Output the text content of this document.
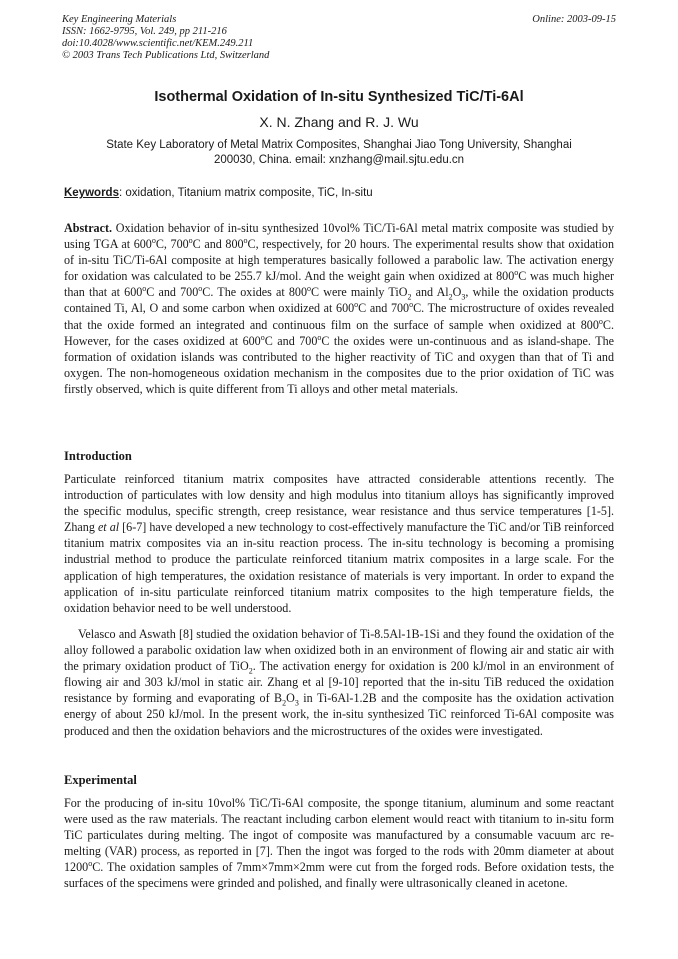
Key Engineering Materials
ISSN: 1662-9795, Vol. 249, pp 211-216
doi:10.4028/www.scientific.net/KEM.249.211
© 2003 Trans Tech Publications Ltd, Switzerland
Online: 2003-09-15
Isothermal Oxidation of In-situ Synthesized TiC/Ti-6Al
X. N. Zhang and R. J. Wu
State Key Laboratory of Metal Matrix Composites, Shanghai Jiao Tong University, Shanghai
200030, China. email: xnzhang@mail.sjtu.edu.cn
Keywords: oxidation, Titanium matrix composite, TiC, In-situ
Abstract. Oxidation behavior of in-situ synthesized 10vol% TiC/Ti-6Al metal matrix composite was studied by using TGA at 600$^o$C, 700$^o$C and 800$^o$C, respectively, for 20 hours. The experimental results show that oxidation of in-situ TiC/Ti-6Al composite at high temperatures basically followed a parabolic law. The activation energy for oxidation was calculated to be 255.7 kJ/mol. And the weight gain when oxidized at 800$^o$C was much higher than that at 600$^o$C and 700$^o$C. The oxides at 800$^o$C were mainly TiO$_2$ and $Al_2O_3$, while the oxidation products contained Ti, Al, O and some carbon when oxidized at 600$^o$C and 700$^o$C. The microstructure of oxides revealed that the oxide formed an integrated and continuous film on the surface of sample when oxidized at 800$^o$C. However, for the cases oxidized at 600$^o$C and 700$^o$C the oxides were un-continuous and as island-shape. The formation of oxidation islands was contributed to the higher reactivity of TiC and oxygen than that of Ti and oxygen. The non-homogeneous oxidation mechanism in the composites due to the prior oxidation of TiC was firstly observed, which is quite different from Ti alloys and other metal materials.
Introduction
Particulate reinforced titanium matrix composites have attracted considerable attentions recently. The introduction of particulates with low density and high modulus into titanium alloys has significantly improved the specific modulus, specific strength, creep resistance, wear resistance and thus service temperatures [1-5]. Zhang et al [6-7] have developed a new technology to cost-effectively manufacture the TiC and/or TiB reinforced titanium matrix composites via an in-situ reaction process. The in-situ technology is becoming a promising industrial method to produce the particulate reinforced titanium matrix composites in a large scale. For the application of high temperatures, the oxidation resistance of materials is very important. In order to expand the application of in-situ particulate reinforced titanium matrix composites to the high temperature fields, the oxidation behavior need to be well understood.
Velasco and Aswath [8] studied the oxidation behavior of Ti-8.5Al-1B-1Si and they found the oxidation of the alloy followed a parabolic oxidation law when oxidized both in an environment of flowing air and static air with the primary oxidation product of TiO$_2$. The activation energy for oxidation is 200 kJ/mol in an environment of flowing air and 303 kJ/mol in static air. Zhang et al [9-10] reported that the in-situ TiB reduced the oxidation resistance by forming and evaporating of $B_2O_3$ in Ti-6Al-1.2B and the composite has the oxidation activation energy of about 250 kJ/mol. In the present work, the in-situ synthesized TiC reinforced Ti-6Al composite was produced and then the oxidation behaviors and the microstructures of the oxides were investigated.
Experimental
For the producing of in-situ 10vol% TiC/Ti-6Al composite, the sponge titanium, aluminum and some reactant were used as the raw materials. The reactant including carbon element would react with titanium to in-situ form TiC particulates during melting. The ingot of composite was manufactured by a consumable vacuum arc re-melting (VAR) process, as reported in [7]. Then the ingot was forged to the rods with 20mm diameter at about 1200$^o$C. The oxidation samples of 7mm×7mm×2mm were cut from the forged rods. Before oxidation tests, the surfaces of the specimens were grinded and polished, and finally were ultrasonically cleaned in acetone.
